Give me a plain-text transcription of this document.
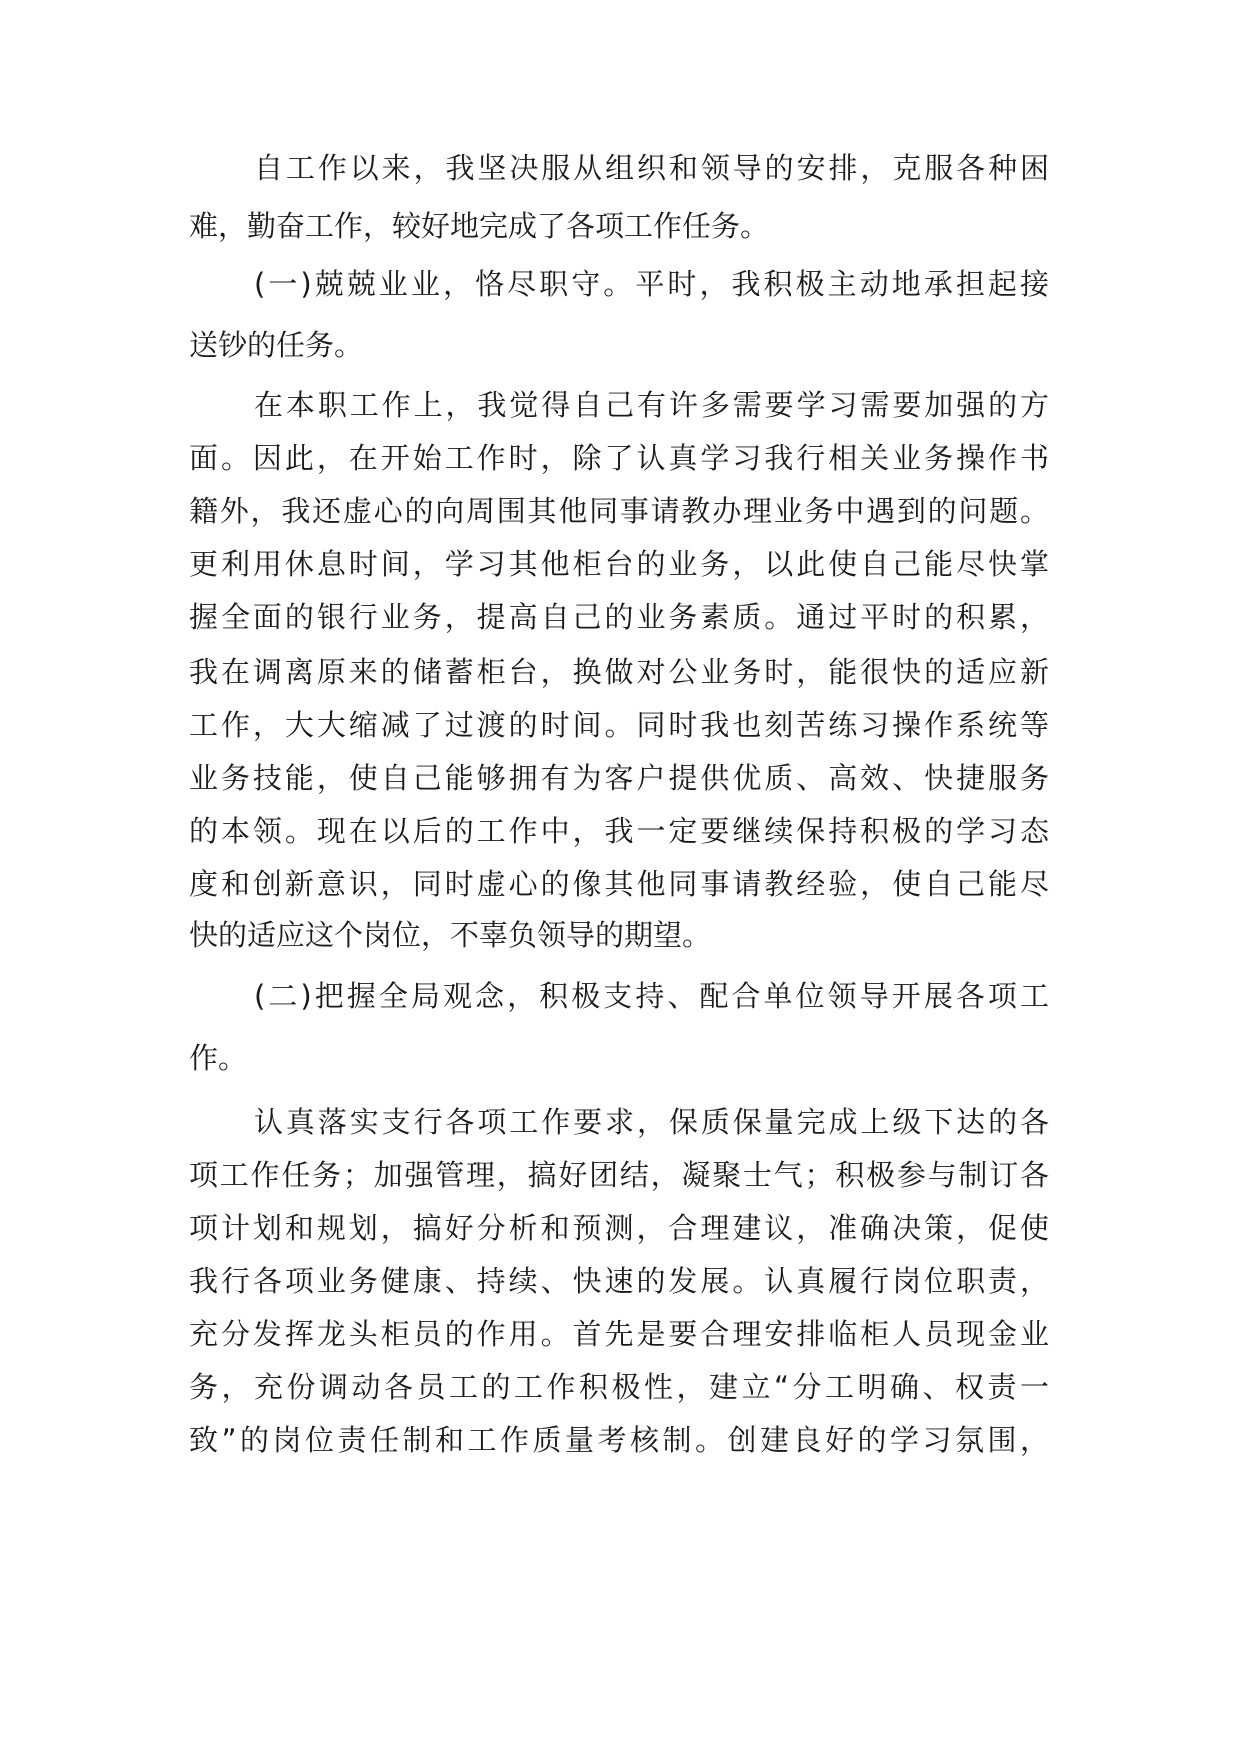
自工作以来，我坚决服从组织和领导的安排，克服各种困
难，勤奋工作，较好地完成了各项工作任务。
(一)兢兢业业，恪尽职守。平时，我积极主动地承担起接
送钞的任务。
在本职工作上，我觉得自己有许多需要学习需要加强的方
面。因此，在开始工作时，除了认真学习我行相关业务操作书
籍外，我还虚心的向周围其他同事请教办理业务中遇到的问题。
更利用休息时间，学习其他柜台的业务，以此使自己能尽快掌
握全面的银行业务，提高自己的业务素质。通过平时的积累，
我在调离原来的储蓄柜台，换做对公业务时，能很快的适应新
工作，大大缩减了过渡的时间。同时我也刻苦练习操作系统等
业务技能，使自己能够拥有为客户提供优质、高效、快捷服务
的本领。现在以后的工作中，我一定要继续保持积极的学习态
度和创新意识，同时虚心的像其他同事请教经验，使自己能尽
快的适应这个岗位，不辜负领导的期望。
(二)把握全局观念，积极支持、配合单位领导开展各项工
作。
认真落实支行各项工作要求，保质保量完成上级下达的各
项工作任务；加强管理，搞好团结，凝聚士气；积极参与制订各
项计划和规划，搞好分析和预测，合理建议，准确决策，促使
我行各项业务健康、持续、快速的发展。认真履行岗位职责，
充分发挥龙头柜员的作用。首先是要合理安排临柜人员现金业
务，充份调动各员工的工作积极性，建立“分工明确、权责一
致”的岗位责任制和工作质量考核制。创建良好的学习氛围，
